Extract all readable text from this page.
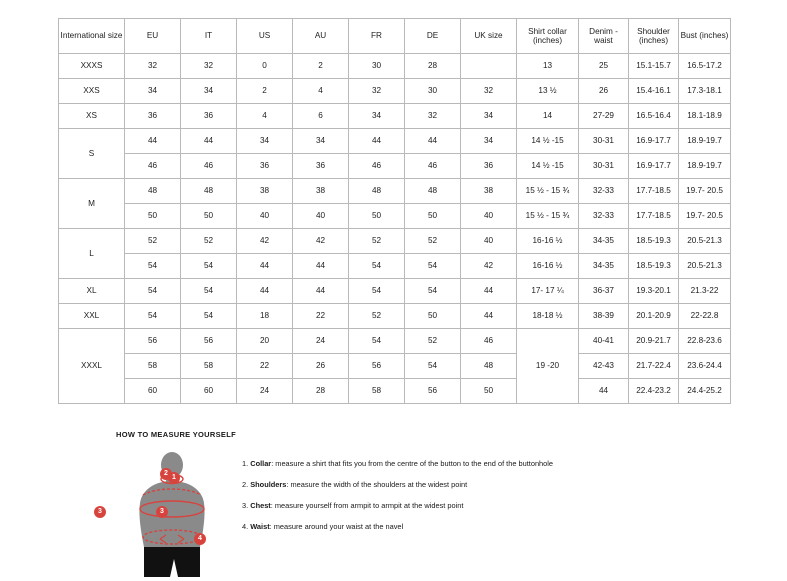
International size	EU	IT	US	AU	FR	DE	UK size	Shirt collar (inches)	Denim - waist	Shoulder (inches)	Bust (inches)
XXXS	32	32	0	2	30	28		13	25	15.1-15.7	16.5-17.2
XXS	34	34	2	4	32	30	32	13 ½	26	15.4-16.1	17.3-18.1
XS	36	36	4	6	34	32	34	14	27-29	16.5-16.4	18.1-18.9
S	44	44	34	34	44	44	34	14 ½ -15	30-31	16.9-17.7	18.9-19.7
	46	46	36	36	46	46	36	14 ½ -15	30-31	16.9-17.7	18.9-19.7
M	48	48	38	38	48	48	38	15 ½ - 15 ¾	32-33	17.7-18.5	19.7- 20.5
	50	50	40	40	50	50	40	15 ½ - 15 ¾	32-33	17.7-18.5	19.7- 20.5
L	52	52	42	42	52	52	40	16-16 ½	34-35	18.5-19.3	20.5-21.3
	54	54	44	44	54	54	42	16-16 ½	34-35	18.5-19.3	20.5-21.3
XL	54	54	44	44	54	54	44	17- 17 ¼	36-37	19.3-20.1	21.3-22
XXL	54	54	18	22	52	50	44	18-18 ½	38-39	20.1-20.9	22-22.8
XXXL	56	56	20	24	54	52	46	19 -20	40-41	20.9-21.7	22.8-23.6
	58	58	22	26	56	54	48		42-43	21.7-22.4	23.6-24.4
	60	60	24	28	58	56	50		44	22.4-23.2	24.4-25.2
HOW TO MEASURE YOURSELF
1
3
3
4
1. Collar: measure a shirt that fits you from the centre of the button to the end of the buttonhole
2. Shoulders: measure the width of the shoulders at the widest point
3. Chest: measure yourself from armpit to armpit at the widest point
4. Waist: measure around your waist at the navel
2
